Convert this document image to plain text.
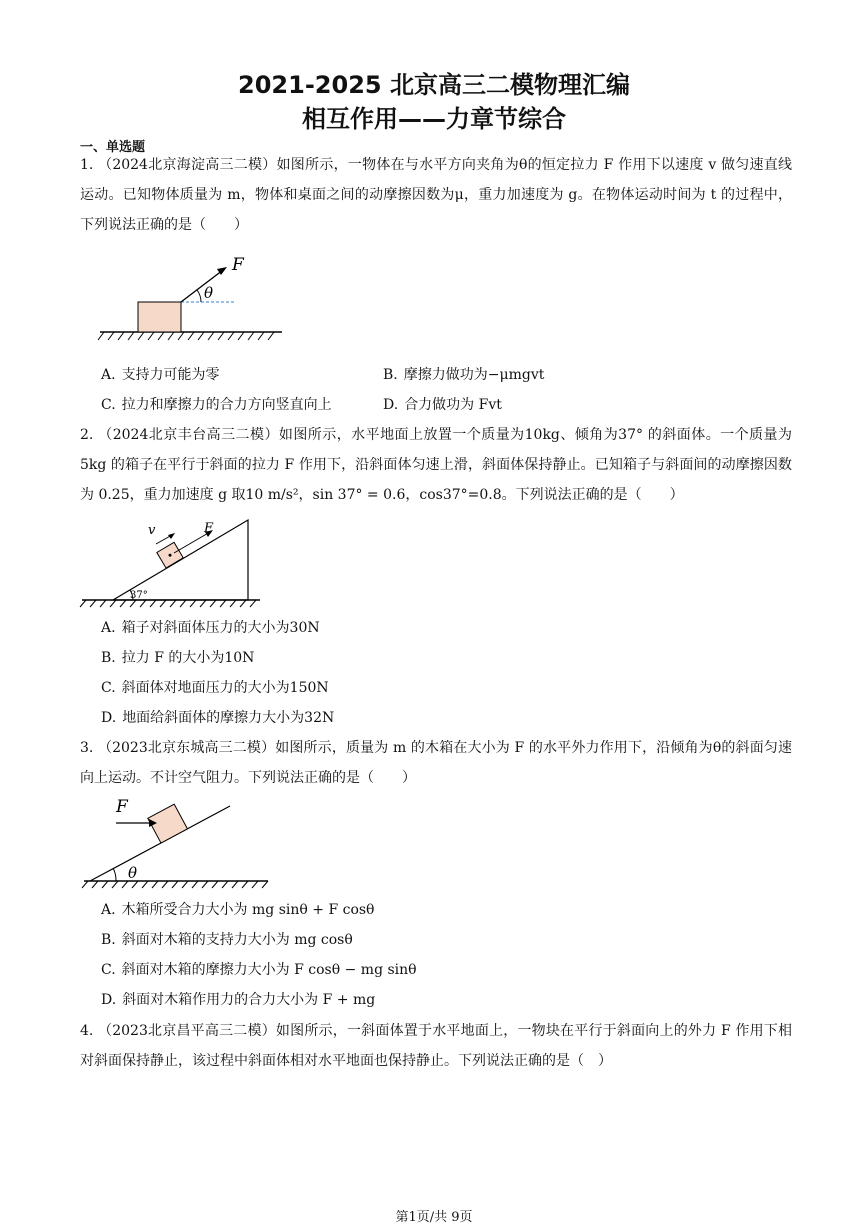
2021-2025 北京高三二模物理汇编
相互作用——力章节综合
一、单选题
1. （2024北京海淀高三二模）如图所示，一物体在与水平方向夹角为θ的恒定拉力 F 作用下以速度 v 做匀速直线运动。已知物体质量为 m，物体和桌面之间的动摩擦因数为μ，重力加速度为 g。在物体运动时间为 t 的过程中，下列说法正确的是（　　）
F
θ
A. 支持力可能为零	B. 摩擦力做功为−μmgvt
C. 拉力和摩擦力的合力方向竖直向上	D. 合力做功为 Fvt
2. （2024北京丰台高三二模）如图所示，水平地面上放置一个质量为10kg、倾角为37° 的斜面体。一个质量为5kg 的箱子在平行于斜面的拉力 F 作用下，沿斜面体匀速上滑，斜面体保持静止。已知箱子与斜面间的动摩擦因数为 0.25，重力加速度 g 取10 m/s²，sin 37° = 0.6，cos37°=0.8。下列说法正确的是（　　）
v	F
37°
A. 箱子对斜面体压力的大小为30N
B. 拉力 F 的大小为10N
C. 斜面体对地面压力的大小为150N
D. 地面给斜面体的摩擦力大小为32N
3. （2023北京东城高三二模）如图所示，质量为 m 的木箱在大小为 F 的水平外力作用下，沿倾角为θ的斜面匀速向上运动。不计空气阻力。下列说法正确的是（　　）
F
θ
A. 木箱所受合力大小为 mg sinθ + F cosθ
B. 斜面对木箱的支持力大小为 mg cosθ
C. 斜面对木箱的摩擦力大小为 F cosθ − mg sinθ
D. 斜面对木箱作用力的合力大小为 F + mg
4. （2023北京昌平高三二模）如图所示，一斜面体置于水平地面上，一物块在平行于斜面向上的外力 F 作用下相对斜面保持静止，该过程中斜面体相对水平地面也保持静止。下列说法正确的是（　）
第1页/共 9页
